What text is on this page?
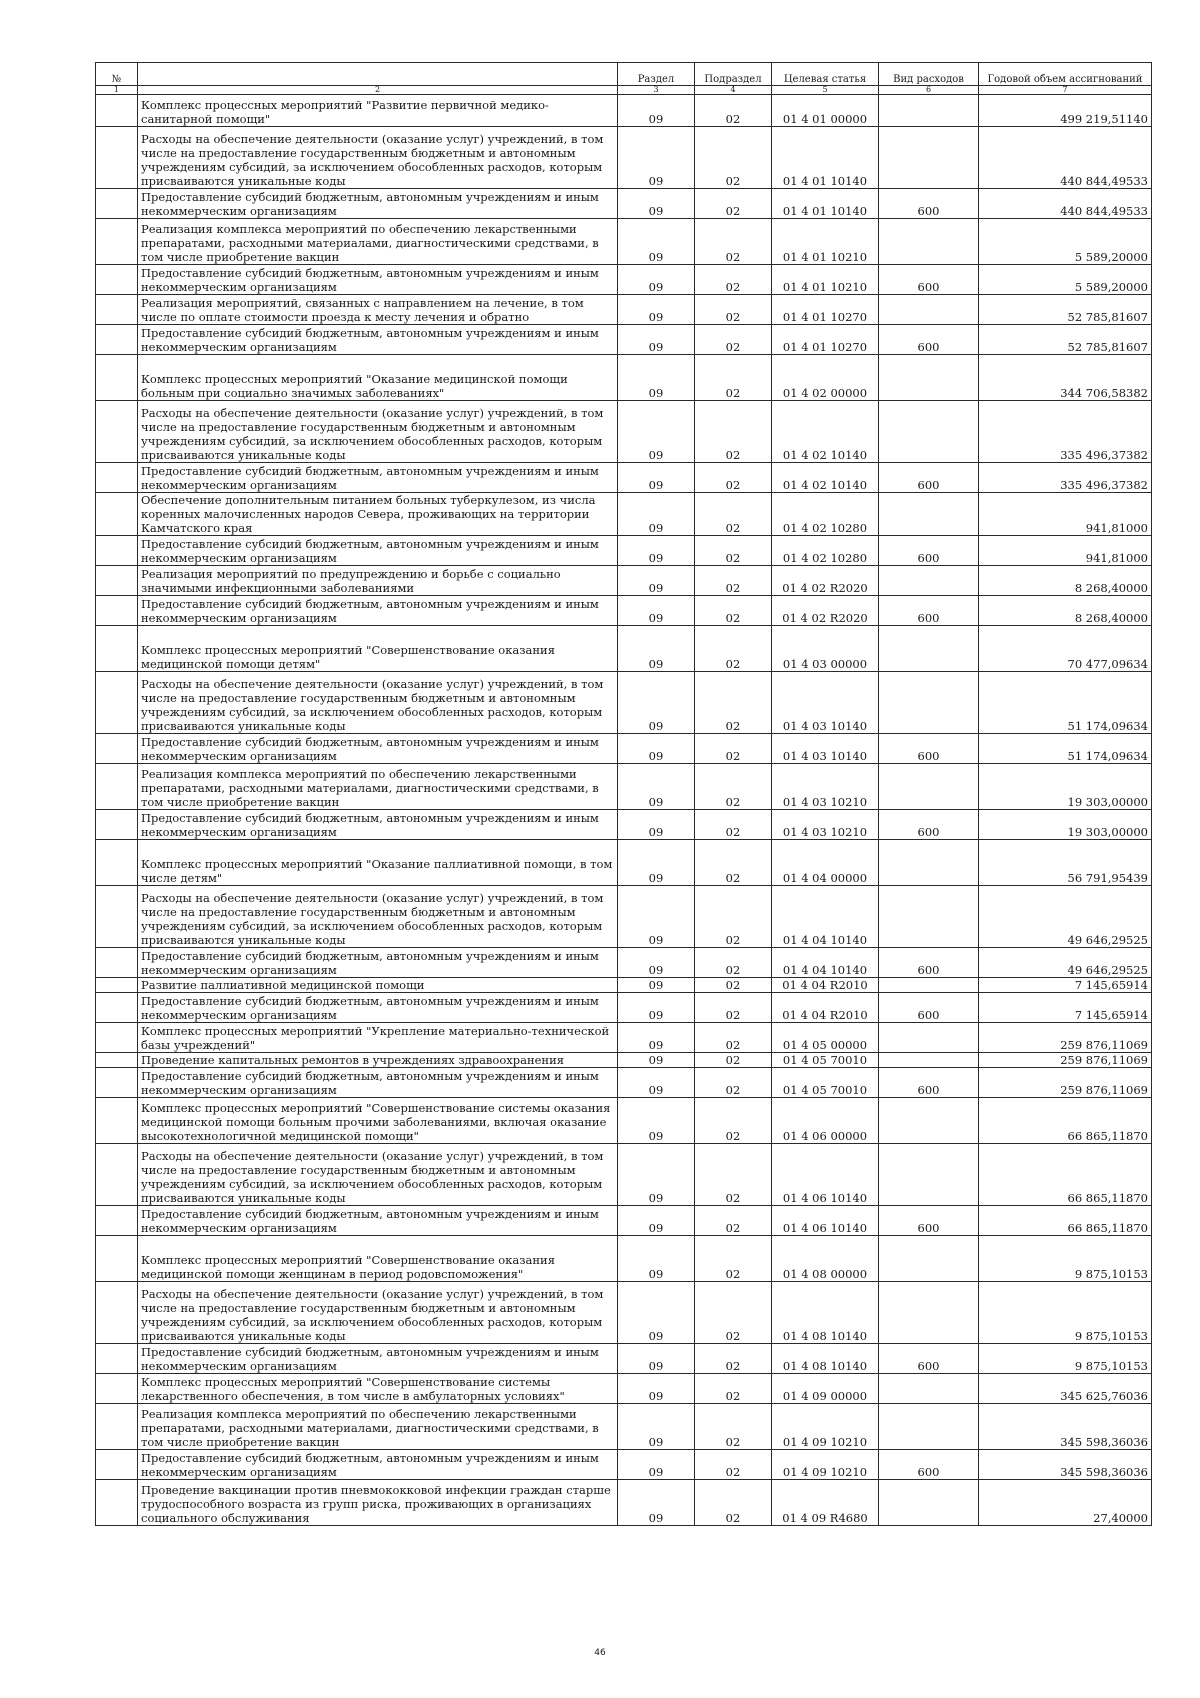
№		Раздел	Подраздел	Целевая статья	Вид расходов	Годовой объем ассигнований
1	2	3	4	5	6	7
	Комплекс процессных мероприятий "Развитие первичной медико-санитарной помощи"	09	02	01 4 01 00000		499 219,51140
	Расходы на обеспечение деятельности (оказание услуг) учреждений, в том числе на предоставление государственным бюджетным и автономным учреждениям субсидий, за исключением обособленных расходов, которым присваиваются уникальные коды	09	02	01 4 01 10140		440 844,49533
	Предоставление субсидий бюджетным, автономным учреждениям и иным некоммерческим организациям	09	02	01 4 01 10140	600	440 844,49533
	Реализация комплекса мероприятий по обеспечению лекарственными препаратами, расходными материалами, диагностическими средствами, в том числе приобретение вакцин	09	02	01 4 01 10210		5 589,20000
	Предоставление субсидий бюджетным, автономным учреждениям и иным некоммерческим организациям	09	02	01 4 01 10210	600	5 589,20000
	Реализация мероприятий, связанных с направлением на лечение, в том числе по оплате стоимости проезда к месту лечения и обратно	09	02	01 4 01 10270		52 785,81607
	Предоставление субсидий бюджетным, автономным учреждениям и иным некоммерческим организациям	09	02	01 4 01 10270	600	52 785,81607
	Комплекс процессных мероприятий "Оказание медицинской помощи больным при социально значимых заболеваниях"	09	02	01 4 02 00000		344 706,58382
	Расходы на обеспечение деятельности (оказание услуг) учреждений, в том числе на предоставление государственным бюджетным и автономным учреждениям субсидий, за исключением обособленных расходов, которым присваиваются уникальные коды	09	02	01 4 02 10140		335 496,37382
	Предоставление субсидий бюджетным, автономным учреждениям и иным некоммерческим организациям	09	02	01 4 02 10140	600	335 496,37382
	Обеспечение дополнительным питанием больных туберкулезом, из числа коренных малочисленных народов Севера, проживающих на территории Камчатского края	09	02	01 4 02 10280		941,81000
	Предоставление субсидий бюджетным, автономным учреждениям и иным некоммерческим организациям	09	02	01 4 02 10280	600	941,81000
	Реализация мероприятий по предупреждению и борьбе с социально значимыми инфекционными заболеваниями	09	02	01 4 02 R2020		8 268,40000
	Предоставление субсидий бюджетным, автономным учреждениям и иным некоммерческим организациям	09	02	01 4 02 R2020	600	8 268,40000
	Комплекс процессных мероприятий "Совершенствование оказания медицинской помощи детям"	09	02	01 4 03 00000		70 477,09634
	Расходы на обеспечение деятельности (оказание услуг) учреждений, в том числе на предоставление государственным бюджетным и автономным учреждениям субсидий, за исключением обособленных расходов, которым присваиваются уникальные коды	09	02	01 4 03 10140		51 174,09634
	Предоставление субсидий бюджетным, автономным учреждениям и иным некоммерческим организациям	09	02	01 4 03 10140	600	51 174,09634
	Реализация комплекса мероприятий по обеспечению лекарственными препаратами, расходными материалами, диагностическими средствами, в том числе приобретение вакцин	09	02	01 4 03 10210		19 303,00000
	Предоставление субсидий бюджетным, автономным учреждениям и иным некоммерческим организациям	09	02	01 4 03 10210	600	19 303,00000
	Комплекс процессных мероприятий "Оказание паллиативной помощи, в том числе детям"	09	02	01 4 04 00000		56 791,95439
	Расходы на обеспечение деятельности (оказание услуг) учреждений, в том числе на предоставление государственным бюджетным и автономным учреждениям субсидий, за исключением обособленных расходов, которым присваиваются уникальные коды	09	02	01 4 04 10140		49 646,29525
	Предоставление субсидий бюджетным, автономным учреждениям и иным некоммерческим организациям	09	02	01 4 04 10140	600	49 646,29525
	Развитие паллиативной медицинской помощи	09	02	01 4 04 R2010		7 145,65914
	Предоставление субсидий бюджетным, автономным учреждениям и иным некоммерческим организациям	09	02	01 4 04 R2010	600	7 145,65914
	Комплекс процессных мероприятий "Укрепление материально-технической базы учреждений"	09	02	01 4 05 00000		259 876,11069
	Проведение капитальных ремонтов в учреждениях здравоохранения	09	02	01 4 05 70010		259 876,11069
	Предоставление субсидий бюджетным, автономным учреждениям и иным некоммерческим организациям	09	02	01 4 05 70010	600	259 876,11069
	Комплекс процессных мероприятий "Совершенствование системы оказания медицинской помощи больным прочими заболеваниями, включая оказание высокотехнологичной медицинской помощи"	09	02	01 4 06 00000		66 865,11870
	Расходы на обеспечение деятельности (оказание услуг) учреждений, в том числе на предоставление государственным бюджетным и автономным учреждениям субсидий, за исключением обособленных расходов, которым присваиваются уникальные коды	09	02	01 4 06 10140		66 865,11870
	Предоставление субсидий бюджетным, автономным учреждениям и иным некоммерческим организациям	09	02	01 4 06 10140	600	66 865,11870
	Комплекс процессных мероприятий "Совершенствование оказания медицинской помощи женщинам в период родовспоможения"	09	02	01 4 08 00000		9 875,10153
	Расходы на обеспечение деятельности (оказание услуг) учреждений, в том числе на предоставление государственным бюджетным и автономным учреждениям субсидий, за исключением обособленных расходов, которым присваиваются уникальные коды	09	02	01 4 08 10140		9 875,10153
	Предоставление субсидий бюджетным, автономным учреждениям и иным некоммерческим организациям	09	02	01 4 08 10140	600	9 875,10153
	Комплекс процессных мероприятий "Совершенствование системы лекарственного обеспечения, в том числе в амбулаторных условиях"	09	02	01 4 09 00000		345 625,76036
	Реализация комплекса мероприятий по обеспечению лекарственными препаратами, расходными материалами, диагностическими средствами, в том числе приобретение вакцин	09	02	01 4 09 10210		345 598,36036
	Предоставление субсидий бюджетным, автономным учреждениям и иным некоммерческим организациям	09	02	01 4 09 10210	600	345 598,36036
	Проведение вакцинации против пневмококковой инфекции граждан старше трудоспособного возраста из групп риска, проживающих в организациях социального обслуживания	09	02	01 4 09 R4680		27,40000
46
